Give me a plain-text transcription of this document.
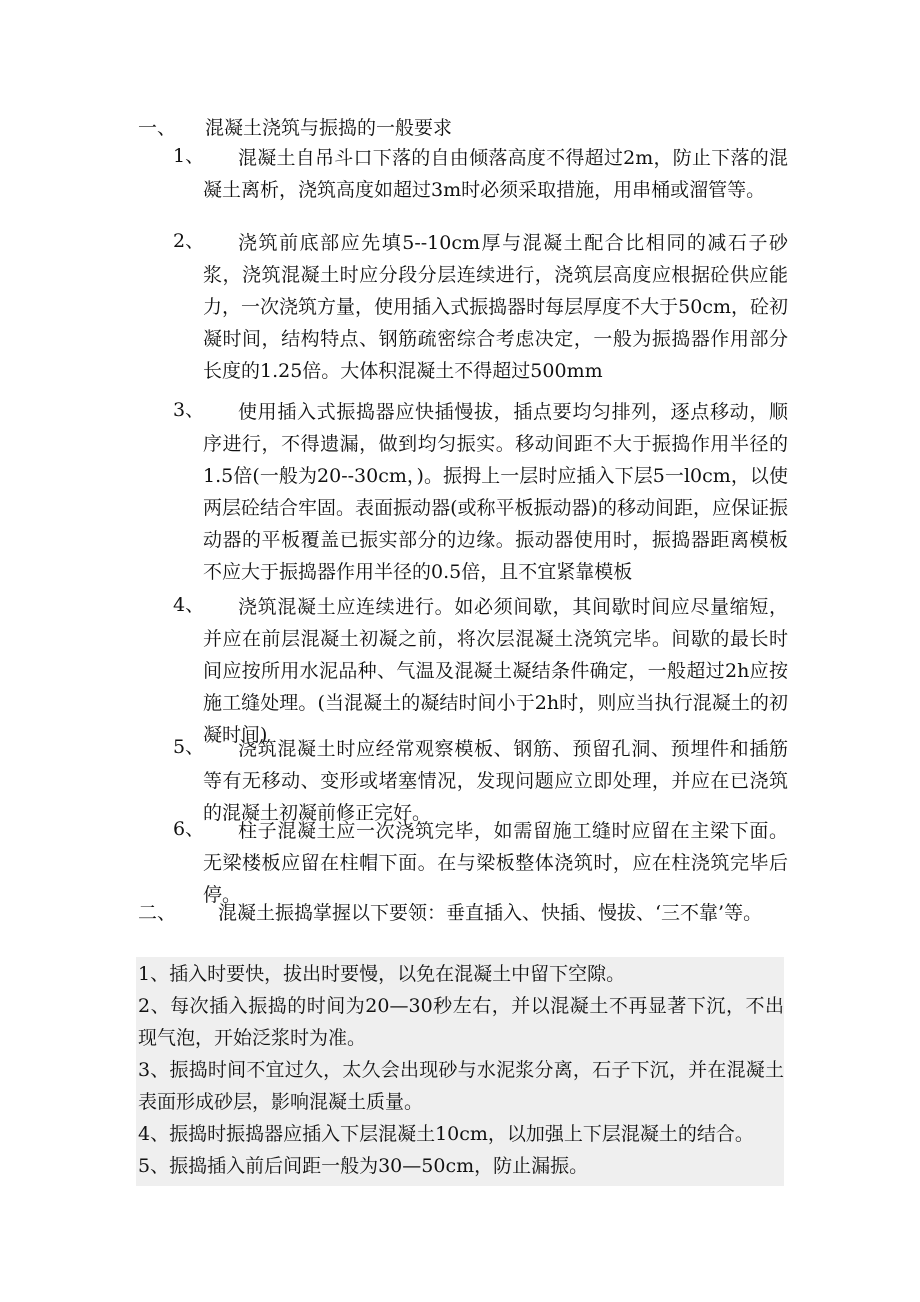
一、 混凝土浇筑与振捣的一般要求
1、	混凝土自吊斗口下落的自由倾落高度不得超过2m，防止下落的混凝土离析，浇筑高度如超过3m时必须采取措施，用串桶或溜管等。
2、	浇筑前底部应先填5--10cm厚与混凝土配合比相同的减石子砂浆，浇筑混凝土时应分段分层连续进行，浇筑层高度应根据砼供应能力，一次浇筑方量，使用插入式振捣器时每层厚度不大于50cm，砼初凝时间，结构特点、钢筋疏密综合考虑决定，一般为振捣器作用部分长度的1.25倍。大体积混凝土不得超过500mm
3、	使用插入式振捣器应快插慢拔，插点要均匀排列，逐点移动，顺序进行，不得遗漏，做到均匀振实。移动间距不大于振捣作用半径的1.5倍(一般为20--30cm，)。振拇上一层时应插入下层5一l0cm，以使两层砼结合牢固。表面振动器(或称平板振动器)的移动间距，应保证振动器的平板覆盖已振实部分的边缘。振动器使用时，振捣器距离模板不应大于振捣器作用半径的0.5倍，且不宜紧靠模板
4、	浇筑混凝土应连续进行。如必须间歇，其间歇时间应尽量缩短，并应在前层混凝土初凝之前，将次层混凝土浇筑完毕。间歇的最长时间应按所用水泥品种、气温及混凝土凝结条件确定，一般超过2h应按施工缝处理。(当混凝土的凝结时间小于2h时，则应当执行混凝土的初凝时间)
5、	浇筑混凝土时应经常观察模板、钢筋、预留孔洞、预埋件和插筋等有无移动、变形或堵塞情况，发现问题应立即处理，并应在已浇筑的混凝土初凝前修正完好。
6、	柱子混凝土应一次浇筑完毕，如需留施工缝时应留在主梁下面。无梁楼板应留在柱帽下面。在与梁板整体浇筑时，应在柱浇筑完毕后停。
二、 混凝土振捣掌握以下要领：垂直插入、快插、慢拔、‘三不靠’等。
1、插入时要快，拔出时要慢，以免在混凝土中留下空隙。
2、每次插入振捣的时间为20—30秒左右，并以混凝土不再显著下沉，不出现气泡，开始泛浆时为准。
3、振捣时间不宜过久，太久会出现砂与水泥浆分离，石子下沉，并在混凝土表面形成砂层，影响混凝土质量。
4、振捣时振捣器应插入下层混凝土10cm，以加强上下层混凝土的结合。
5、振捣插入前后间距一般为30—50cm，防止漏振。
